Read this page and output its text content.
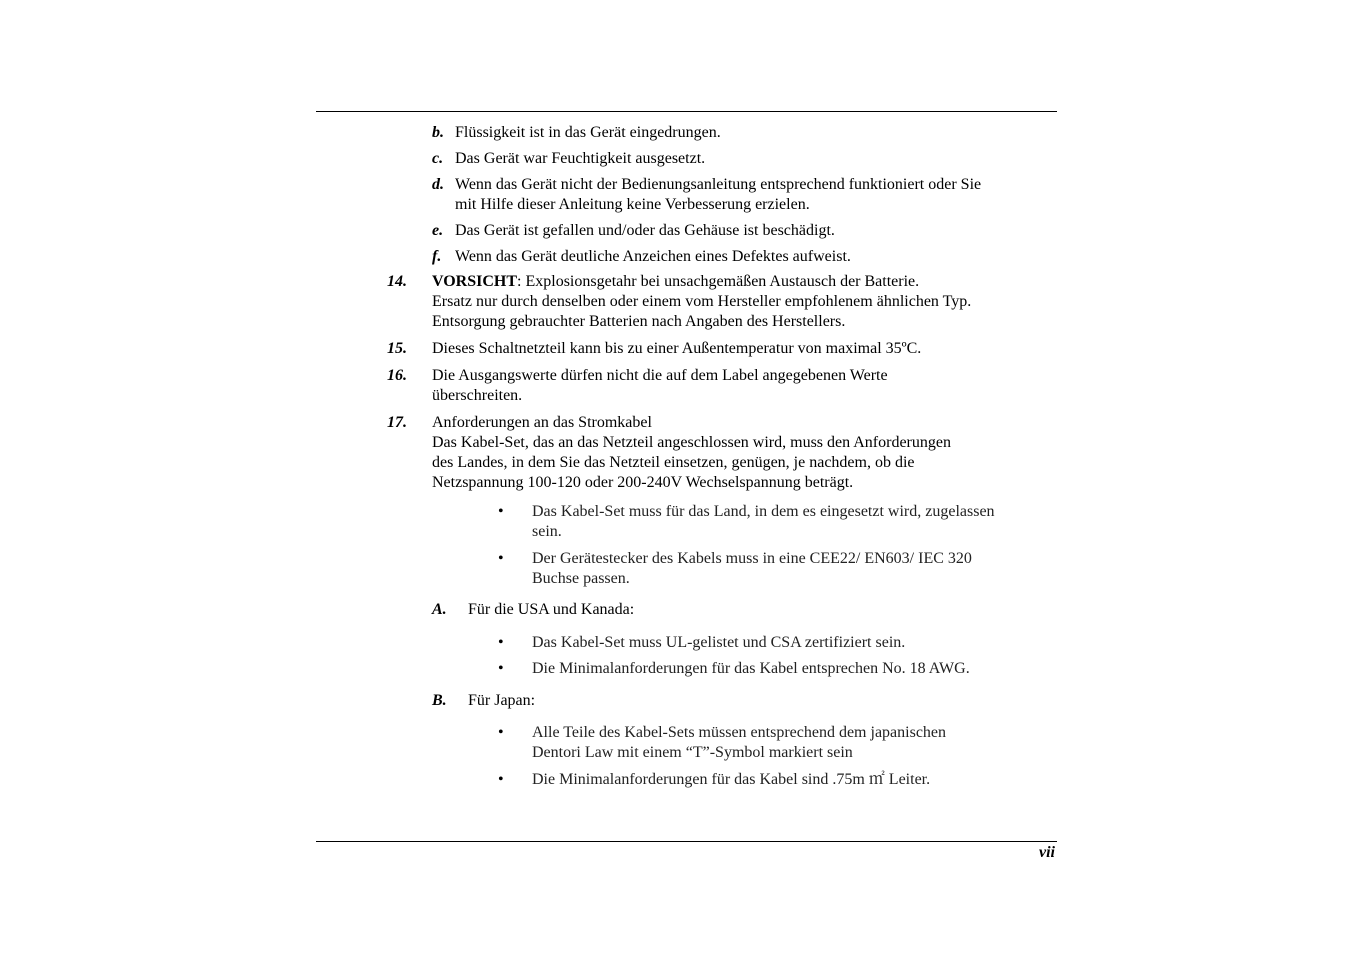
b. Flüssigkeit ist in das Gerät eingedrungen.
c. Das Gerät war Feuchtigkeit ausgesetzt.
d. Wenn das Gerät nicht der Bedienungsanleitung entsprechend funktioniert oder Sie
mit Hilfe dieser Anleitung keine Verbesserung erzielen.
e. Das Gerät ist gefallen und/oder das Gehäuse ist beschädigt.
f. Wenn das Gerät deutliche Anzeichen eines Defektes aufweist.
14. VORSICHT: Explosionsgetahr bei unsachgemäßen Austausch der Batterie.
Ersatz nur durch denselben oder einem vom Hersteller empfohlenem ähnlichen Typ.
Entsorgung gebrauchter Batterien nach Angaben des Herstellers.
15. Dieses Schaltnetzteil kann bis zu einer Außentemperatur von maximal 35ºC.
16. Die Ausgangswerte dürfen nicht die auf dem Label angegebenen Werte
überschreiten.
17. Anforderungen an das Stromkabel
Das Kabel-Set, das an das Netzteil angeschlossen wird, muss den Anforderungen
des Landes, in dem Sie das Netzteil einsetzen, genügen, je nachdem, ob die
Netzspannung 100-120 oder 200-240V Wechselspannung beträgt.
• Das Kabel-Set muss für das Land, in dem es eingesetzt wird, zugelassen
sein.
• Der Gerätestecker des Kabels muss in eine CEE22/ EN603/ IEC 320
Buchse passen.
A. Für die USA und Kanada:
• Das Kabel-Set muss UL-gelistet und CSA zertifiziert sein.
• Die Minimalanforderungen für das Kabel entsprechen No. 18 AWG.
B. Für Japan:
• Alle Teile des Kabel-Sets müssen entsprechend dem japanischen
Dentori Law mit einem “T”-Symbol markiert sein
• Die Minimalanforderungen für das Kabel sind .75m ㎡ Leiter.
vii
